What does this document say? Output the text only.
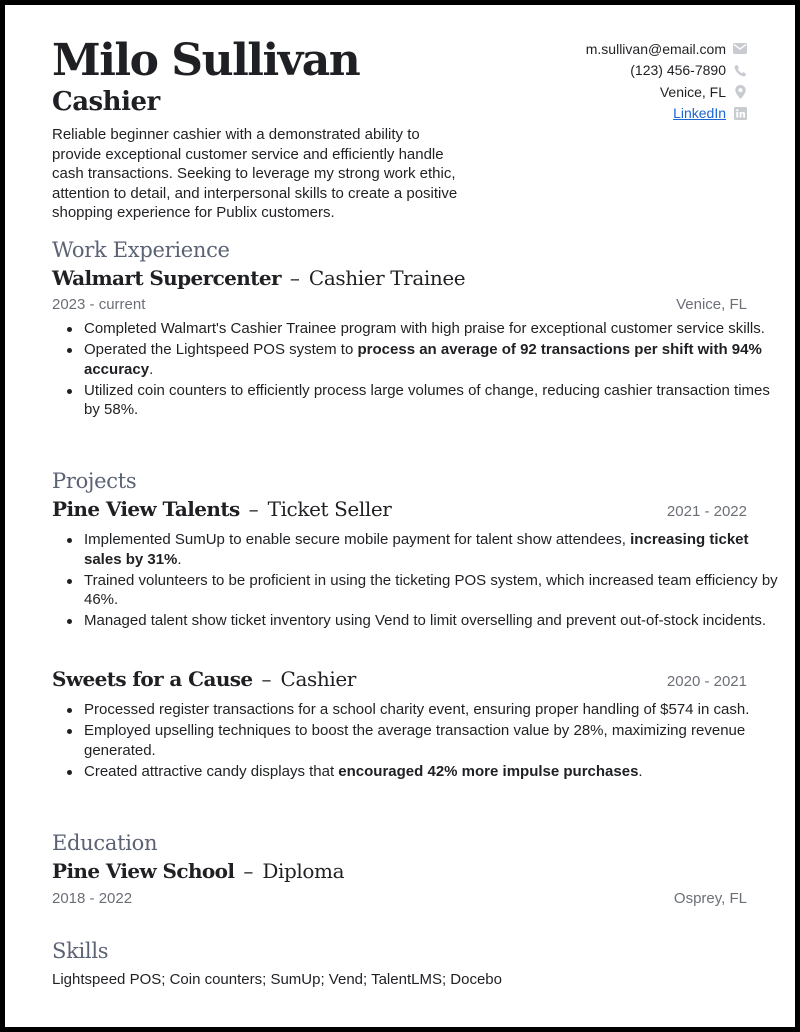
Milo Sullivan
Cashier
Reliable beginner cashier with a demonstrated ability to provide exceptional customer service and efficiently handle cash transactions. Seeking to leverage my strong work ethic, attention to detail, and interpersonal skills to create a positive shopping experience for Publix customers.
m.sullivan@email.com
(123) 456-7890
Venice, FL
LinkedIn
Work Experience
Walmart Supercenter – Cashier Trainee
2023 - current	Venice, FL
Completed Walmart's Cashier Trainee program with high praise for exceptional customer service skills.
Operated the Lightspeed POS system to process an average of 92 transactions per shift with 94% accuracy.
Utilized coin counters to efficiently process large volumes of change, reducing cashier transaction times by 58%.
Projects
Pine View Talents – Ticket Seller	2021 - 2022
Implemented SumUp to enable secure mobile payment for talent show attendees, increasing ticket sales by 31%.
Trained volunteers to be proficient in using the ticketing POS system, which increased team efficiency by 46%.
Managed talent show ticket inventory using Vend to limit overselling and prevent out-of-stock incidents.
Sweets for a Cause – Cashier	2020 - 2021
Processed register transactions for a school charity event, ensuring proper handling of $574 in cash.
Employed upselling techniques to boost the average transaction value by 28%, maximizing revenue generated.
Created attractive candy displays that encouraged 42% more impulse purchases.
Education
Pine View School – Diploma
2018 - 2022	Osprey, FL
Skills
Lightspeed POS; Coin counters; SumUp; Vend; TalentLMS; Docebo
